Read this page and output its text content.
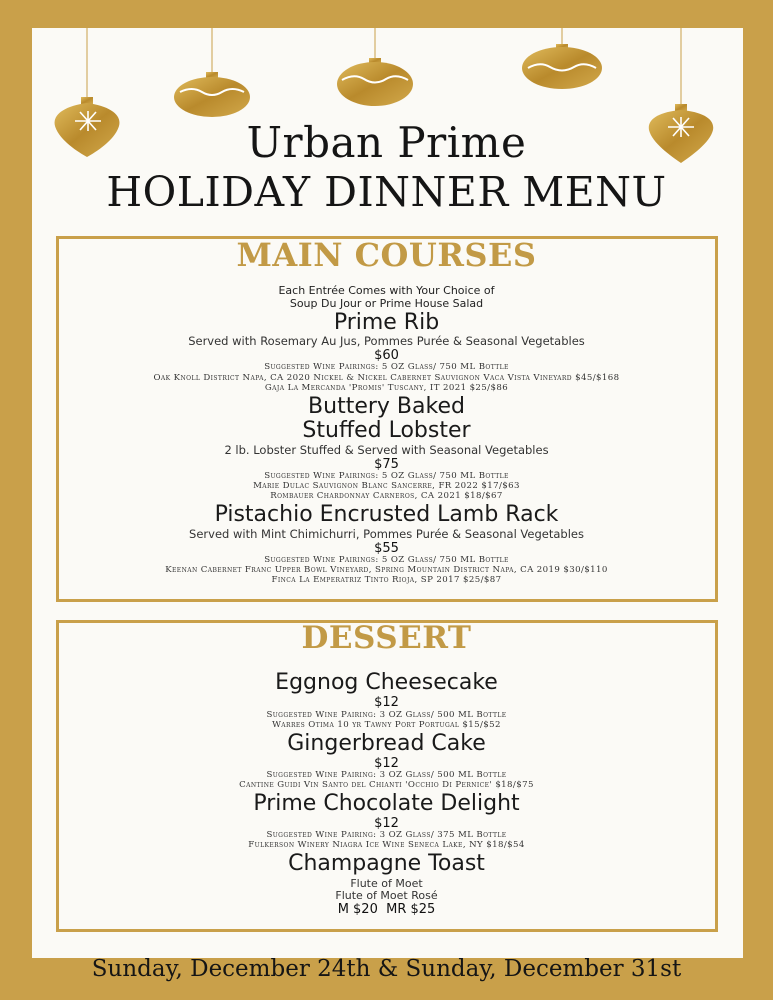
Urban Prime
HOLIDAY DINNER MENU
MAIN COURSES
Each Entrée Comes with Your Choice of
Soup Du Jour or Prime House Salad
Prime Rib
Served with Rosemary Au Jus, Pommes Purée & Seasonal Vegetables
$60
Suggested Wine Pairings: 5 OZ Glass/ 750 ML Bottle
Oak Knoll District Napa, CA 2020 Nickel & Nickel Cabernet Sauvignon Vaca Vista Vineyard $45/$168
Gaja La Mercanda 'Promis' Tuscany, IT 2021 $25/$86
Buttery Baked
Stuffed Lobster
2 lb. Lobster Stuffed & Served with Seasonal Vegetables
$75
Suggested Wine Pairings: 5 OZ Glass/ 750 ML Bottle
Marie Dulac Sauvignon Blanc Sancerre, FR 2022 $17/$63
Rombauer Chardonnay Carneros, CA 2021 $18/$67
Pistachio Encrusted Lamb Rack
Served with Mint Chimichurri, Pommes Purée & Seasonal Vegetables
$55
Suggested Wine Pairings: 5 OZ Glass/ 750 ML Bottle
Keenan Cabernet Franc Upper Bowl Vineyard, Spring Mountain District Napa, CA 2019 $30/$110
Finca La Emperatriz Tinto Rioja, SP 2017 $25/$87
DESSERT
Eggnog Cheesecake
$12
Suggested Wine Pairing: 3 OZ Glass/ 500 ML Bottle
Warres Otima 10 yr Tawny Port Portugal $15/$52
Gingerbread Cake
$12
Suggested Wine Pairing: 3 OZ Glass/ 500 ML Bottle
Cantine Guidi Vin Santo del Chianti 'Occhio Di Pernice' $18/$75
Prime Chocolate Delight
$12
Suggested Wine Pairing: 3 OZ Glass/ 375 ML Bottle
Fulkerson Winery Niagra Ice Wine Seneca Lake, NY $18/$54
Champagne Toast
Flute of Moet
Flute of Moet Rosé
M $20  MR $25
Sunday, December 24th & Sunday, December 31st
